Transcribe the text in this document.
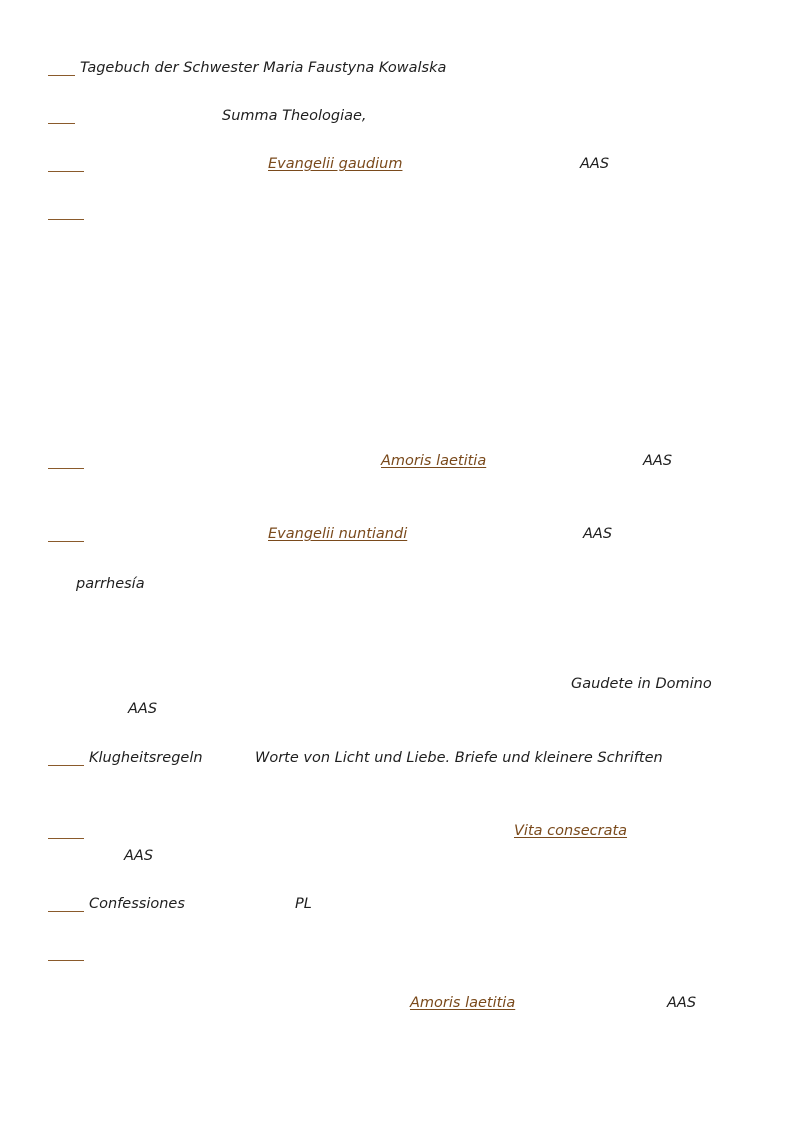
Tagebuch der Schwester Maria Faustyna Kowalska
Summa Theologiae,
Evangelii gaudium	AAS
Amoris laetitia	AAS
Evangelii nuntiandi	AAS
parrhesía
Gaudete in Domino
AAS
Klugheitsregeln	Worte von Licht und Liebe. Briefe und kleinere Schriften
Vita consecrata
AAS
Confessiones	PL
Amoris laetitia	AAS
